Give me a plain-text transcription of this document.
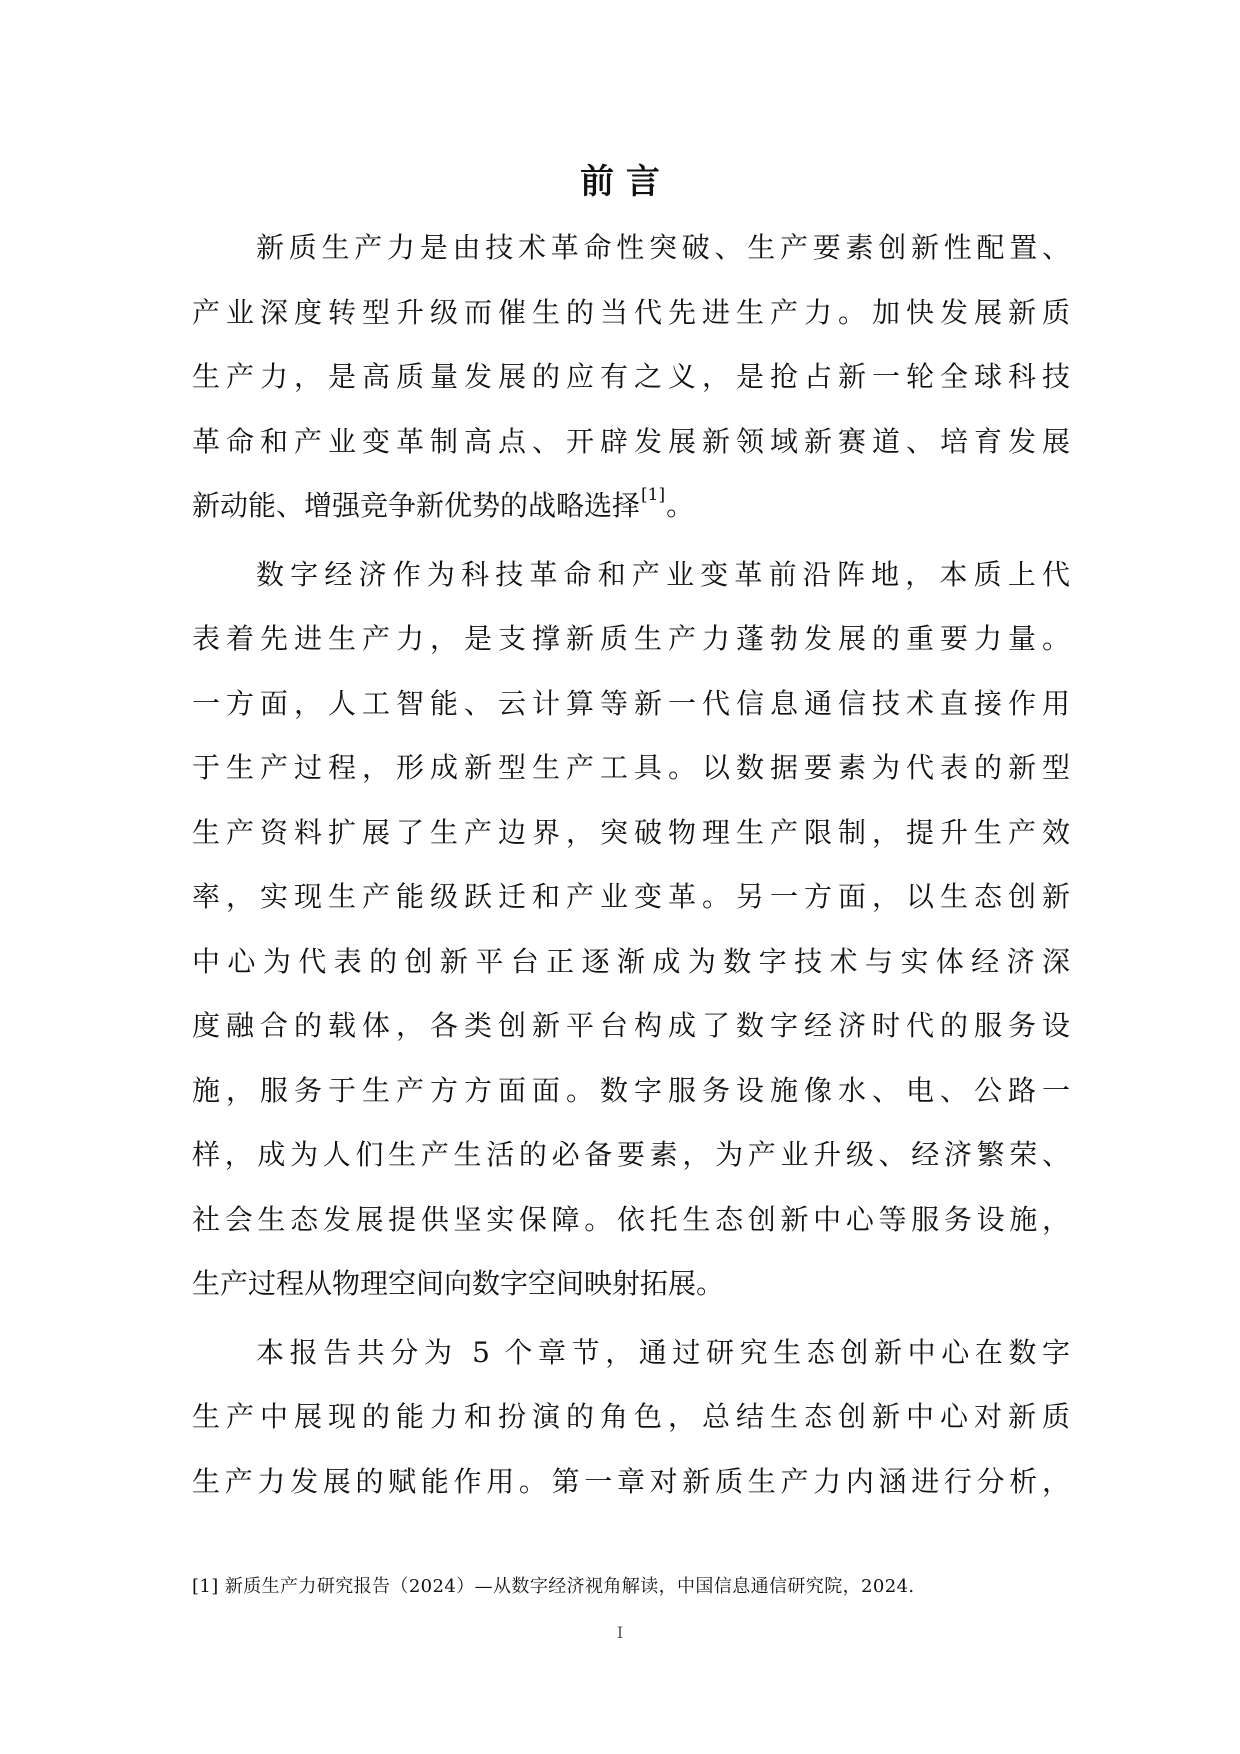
前 言
新质生产力是由技术革命性突破、生产要素创新性配置、
产业深度转型升级而催生的当代先进生产力。加快发展新质
生产力，是高质量发展的应有之义，是抢占新一轮全球科技
革命和产业变革制高点、开辟发展新领域新赛道、培育发展
新动能、增强竞争新优势的战略选择[1]。
数字经济作为科技革命和产业变革前沿阵地，本质上代
表着先进生产力，是支撑新质生产力蓬勃发展的重要力量。
一方面，人工智能、云计算等新一代信息通信技术直接作用
于生产过程，形成新型生产工具。以数据要素为代表的新型
生产资料扩展了生产边界，突破物理生产限制，提升生产效
率，实现生产能级跃迁和产业变革。另一方面，以生态创新
中心为代表的创新平台正逐渐成为数字技术与实体经济深
度融合的载体，各类创新平台构成了数字经济时代的服务设
施，服务于生产方方面面。数字服务设施像水、电、公路一
样，成为人们生产生活的必备要素，为产业升级、经济繁荣、
社会生态发展提供坚实保障。依托生态创新中心等服务设施，
生产过程从物理空间向数字空间映射拓展。
本报告共分为 5 个章节，通过研究生态创新中心在数字
生产中展现的能力和扮演的角色，总结生态创新中心对新质
生产力发展的赋能作用。第一章对新质生产力内涵进行分析，
[1] 新质生产力研究报告（2024）—从数字经济视角解读，中国信息通信研究院，2024.
I
